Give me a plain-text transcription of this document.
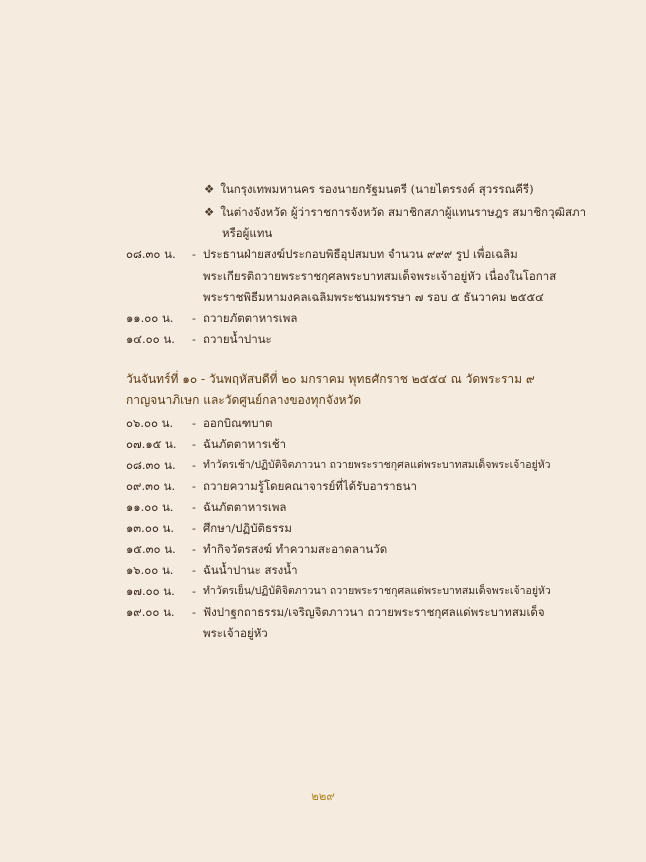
❖ ในกรุงเทพมหานคร รองนายกรัฐมนตรี (นายไตรรงค์ สุวรรณคีรี)
❖ ในต่างจังหวัด ผู้ว่าราชการจังหวัด สมาชิกสภาผู้แทนราษฎร สมาชิกวุฒิสภา
หรือผู้แทน
๐๘.๓๐ น.	- ประธานฝ่ายสงฆ์ประกอบพิธีอุปสมบท จำนวน ๙๙๙ รูป เพื่อเฉลิม
พระเกียรติถวายพระราชกุศลพระบาทสมเด็จพระเจ้าอยู่หัว เนื่องในโอกาส
พระราชพิธีมหามงคลเฉลิมพระชนมพรรษา ๗ รอบ ๕ ธันวาคม ๒๕๕๔
๑๑.๐๐ น.	- ถวายภัตตาหารเพล
๑๔.๐๐ น.	- ถวายน้ำปานะ
วันจันทร์ที่ ๑๐ - วันพฤหัสบดีที่ ๒๐ มกราคม พุทธศักราช ๒๕๕๔ ณ วัดพระราม ๙
กาญจนาภิเษก และวัดศูนย์กลางของทุกจังหวัด
๐๖.๐๐ น.	- ออกบิณฑบาต
๐๗.๑๕ น.	- ฉันภัตตาหารเช้า
๐๘.๓๐ น.	- ทำวัตรเช้า/ปฏิบัติจิตภาวนา ถวายพระราชกุศลแด่พระบาทสมเด็จพระเจ้าอยู่หัว
๐๙.๓๐ น.	- ถวายความรู้โดยคณาจารย์ที่ได้รับอาราธนา
๑๑.๐๐ น.	- ฉันภัตตาหารเพล
๑๓.๐๐ น.	- ศึกษา/ปฏิบัติธรรม
๑๕.๓๐ น.	- ทำกิจวัตรสงฆ์ ทำความสะอาดลานวัด
๑๖.๐๐ น.	- ฉันน้ำปานะ สรงน้ำ
๑๗.๐๐ น.	- ทำวัตรเย็น/ปฏิบัติจิตภาวนา ถวายพระราชกุศลแด่พระบาทสมเด็จพระเจ้าอยู่หัว
๑๙.๐๐ น.	- ฟังปาฐกถาธรรม/เจริญจิตภาวนา ถวายพระราชกุศลแด่พระบาทสมเด็จ
พระเจ้าอยู่หัว
๒๒๙
